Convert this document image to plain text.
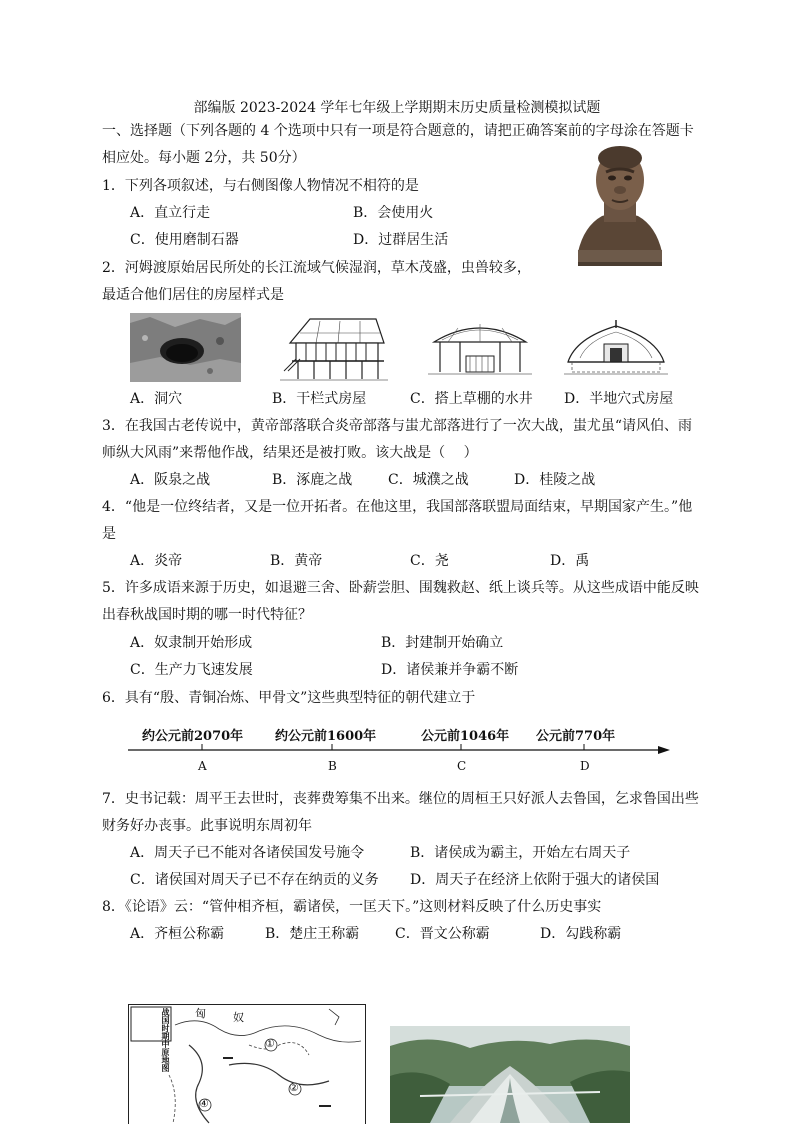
部编版 2023-2024 学年七年级上学期期末历史质量检测模拟试题
一、选择题（下列各题的 4 个选项中只有一项是符合题意的，请把正确答案前的字母涂在答题卡
相应处。每小题 2分，共 50分）
1．下列各项叙述，与右侧图像人物情况不相符的是
A．直立行走	B．会使用火
C．使用磨制石器	D．过群居生活
2．河姆渡原始居民所处的长江流域气候湿润，草木茂盛，虫兽较多，
最适合他们居住的房屋样式是
A．洞穴	B．干栏式房屋	C．搭上草棚的水井 D．半地穴式房屋
3．在我国古老传说中，黄帝部落联合炎帝部落与蚩尤部落进行了一次大战，蚩尤虽“请风伯、雨
师纵大风雨”来帮他作战，结果还是被打败。该大战是（　 ）
A．阪泉之战	B．涿鹿之战	C．城濮之战	D．桂陵之战
4．“他是一位终结者，又是一位开拓者。在他这里，我国部落联盟局面结束，早期国家产生。”他
是
A．炎帝	B．黄帝	C．尧	D．禹
5．许多成语来源于历史，如退避三舍、卧薪尝胆、围魏救赵、纸上谈兵等。从这些成语中能反映
出春秋战国时期的哪一时代特征？
A．奴隶制开始形成	B．封建制开始确立
C．生产力飞速发展	D．诸侯兼并争霸不断
6．具有“殷、青铜冶炼、甲骨文”这些典型特征的朝代建立于
约公元前2070年 约公元前1600年	公元前1046年 公元前770年
A	B	C	D
7．史书记载：周平王去世时，丧葬费筹集不出来。继位的周桓王只好派人去鲁国，乞求鲁国出些
财务好办丧事。此事说明东周初年
A．周天子已不能对各诸侯国发号施令	B．诸侯成为霸主，开始左右周天子
C．诸侯国对周天子已不存在纳贡的义务 D．周天子在经济上依附于强大的诸侯国
8．《论语》云：“管仲相齐桓，霸诸侯，一匡天下。”这则材料反映了什么历史事实
A．齐桓公称霸	B．楚庄王称霸	C．晋文公称霸	D．勾践称霸
战国时期中原地图 匈 奴
①
②
④
